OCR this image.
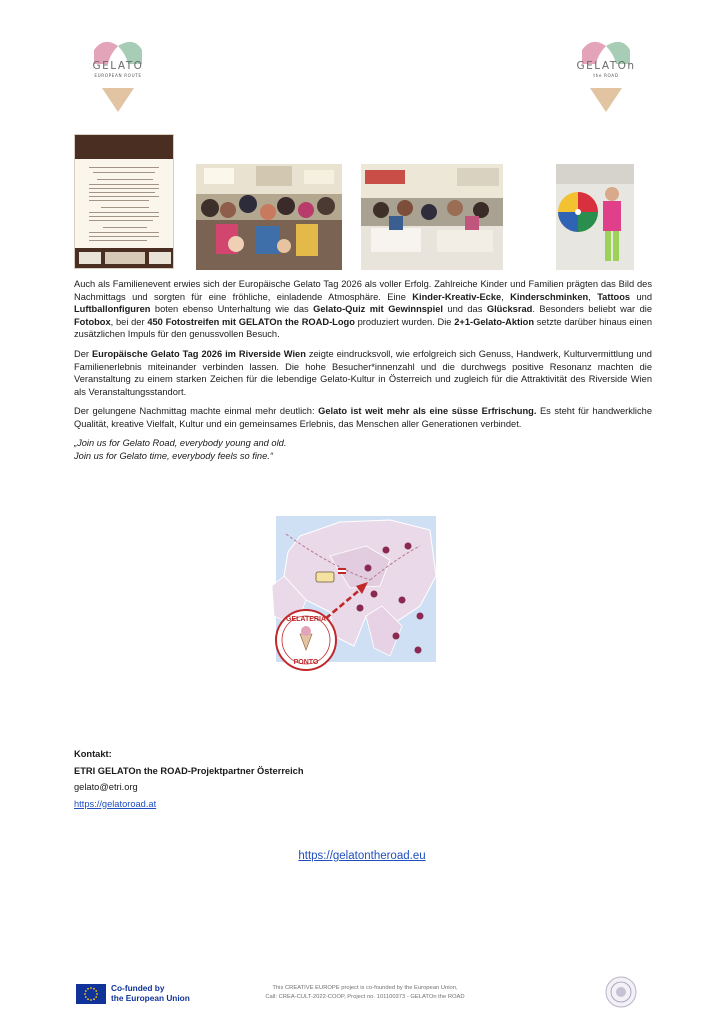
GELATO
EUROPEAN ROUTE
GELATOn
the ROAD

Auch als Familienevent erwies sich der Europäische Gelato Tag 2026 als voller Erfolg. Zahlreiche Kinder und Familien prägten das Bild des Nachmittags und sorgten für eine fröhliche, einladende Atmosphäre. Eine Kinder-Kreativ-Ecke, Kinderschminken, Tattoos und Luftballonfiguren boten ebenso Unterhaltung wie das Gelato-Quiz mit Gewinnspiel und das Glücksrad. Besonders beliebt war die Fotobox, bei der 450 Fotostreifen mit GELATOn the ROAD-Logo produziert wurden. Die 2+1-Gelato-Aktion setzte darüber hinaus einen zusätzlichen Impuls für den genussvollen Besuch.

Der Europäische Gelato Tag 2026 im Riverside Wien zeigte eindrucksvoll, wie erfolgreich sich Genuss, Handwerk, Kulturvermittlung und Familienerlebnis miteinander verbinden lassen. Die hohe Besucher*innenzahl und die durchwegs positive Resonanz machten die Veranstaltung zu einem starken Zeichen für die lebendige Gelato-Kultur in Österreich und zugleich für die Attraktivität des Riverside Wien als Veranstaltungsstandort.

Der gelungene Nachmittag machte einmal mehr deutlich: Gelato ist weit mehr als eine süsse Erfrischung. Es steht für handwerkliche Qualität, kreative Vielfalt, Kultur und ein gemeinsames Erlebnis, das Menschen aller Generationen verbindet.

„Join us for Gelato Road, everybody young and old.
Join us for Gelato time, everybody feels so fine.“
GELATERIA
PONTO
Kontakt:
ETRI GELATOn the ROAD-Projektpartner Österreich
gelato@etri.org
https://gelatoroad.at
https://gelatontheroad.eu
Co-funded by
the European Union
This CREATIVE EUROPE project is co-founded by the European Union,
Call: CREA-CULT-2022-COOP, Project no. 101100373 - GELATOn the ROAD
